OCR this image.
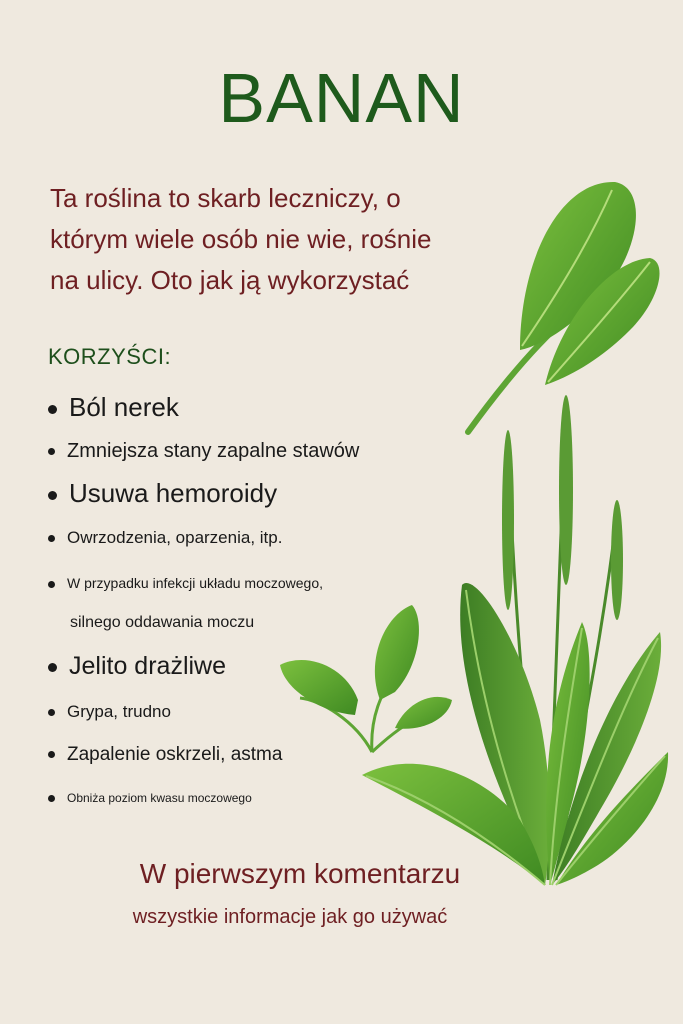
BANAN
Ta roślina to skarb leczniczy, o
którym wiele osób nie wie, rośnie
na ulicy. Oto jak ją wykorzystać
KORZYŚCI:
Ból nerek
Zmniejsza stany zapalne stawów
Usuwa hemoroidy
Owrzodzenia, oparzenia, itp.
W przypadku infekcji układu moczowego,
silnego oddawania moczu
Jelito drażliwe
Grypa, trudno
Zapalenie oskrzeli, astma
Obniża poziom kwasu moczowego
W pierwszym komentarzu
wszystkie informacje jak go używać
